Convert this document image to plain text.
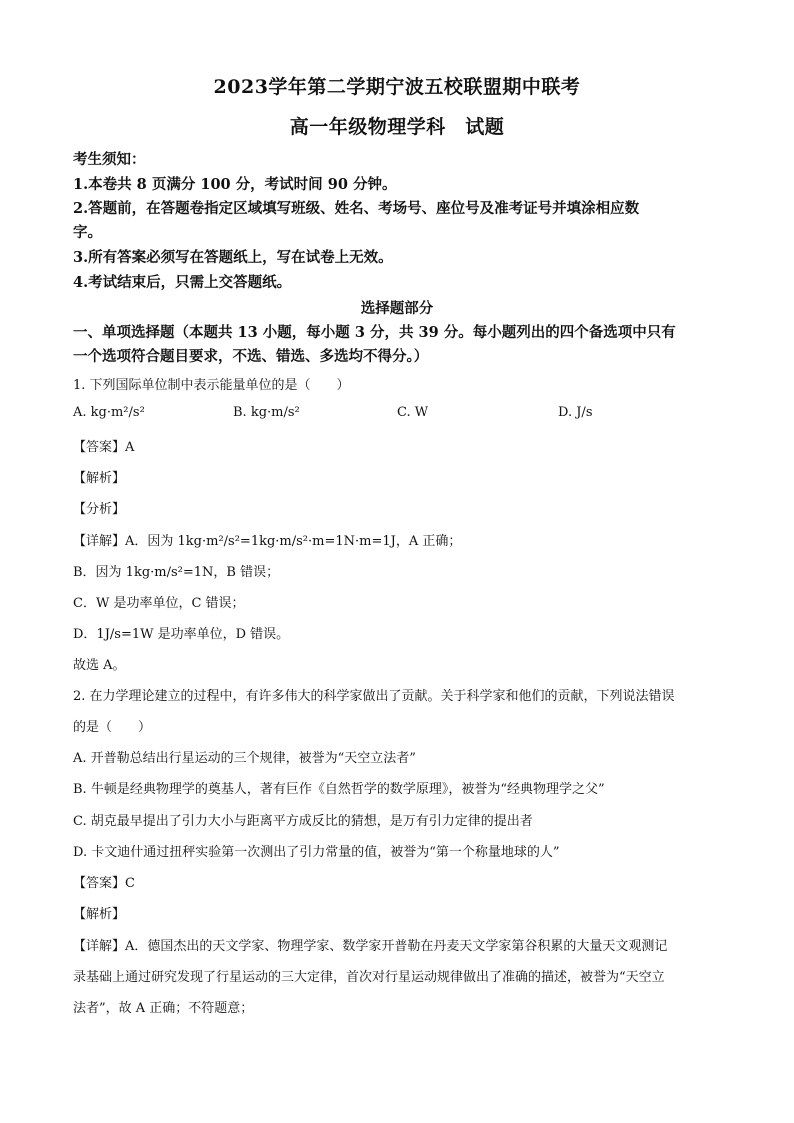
2023学年第二学期宁波五校联盟期中联考
高一年级物理学科　试题
考生须知：
1.本卷共 8 页满分 100 分，考试时间 90 分钟。
2.答题前，在答题卷指定区域填写班级、姓名、考场号、座位号及准考证号并填涂相应数
字。
3.所有答案必须写在答题纸上，写在试卷上无效。
4.考试结束后，只需上交答题纸。
选择题部分
一、单项选择题（本题共 13 小题，每小题 3 分，共 39 分。每小题列出的四个备选项中只有
一个选项符合题目要求，不选、错选、多选均不得分。）
1. 下列国际单位制中表示能量单位的是（　　）
A. kg·m²/s²	B. kg·m/s²	C. W	D. J/s
【答案】A
【解析】
【分析】
【详解】A．因为 1kg·m²/s²=1kg·m/s²·m=1N·m=1J，A 正确；
B．因为 1kg·m/s²=1N，B 错误；
C．W 是功率单位，C 错误；
D．1J/s=1W 是功率单位，D 错误。
故选 A。
2. 在力学理论建立的过程中，有许多伟大的科学家做出了贡献。关于科学家和他们的贡献，下列说法错误
的是（　　）
A. 开普勒总结出行星运动的三个规律，被誉为“天空立法者”
B. 牛顿是经典物理学的奠基人，著有巨作《自然哲学的数学原理》，被誉为“经典物理学之父”
C. 胡克最早提出了引力大小与距离平方成反比的猜想，是万有引力定律的提出者
D. 卡文迪什通过扭秤实验第一次测出了引力常量的值，被誉为“第一个称量地球的人”
【答案】C
【解析】
【详解】A．德国杰出的天文学家、物理学家、数学家开普勒在丹麦天文学家第谷积累的大量天文观测记
录基础上通过研究发现了行星运动的三大定律，首次对行星运动规律做出了准确的描述，被誉为“天空立
法者”，故 A 正确；不符题意；
